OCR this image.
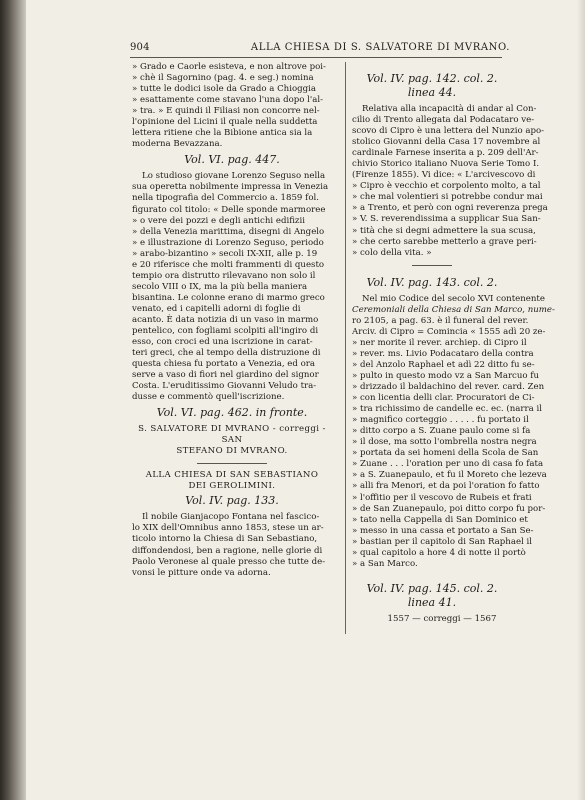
904	ALLA CHIESA DI S. SALVATORE DI MVRANO.
» Grado e Caorle esisteva, e non altrove poi-
» chè il Sagornino (pag. 4. e seg.) nomina
» tutte le dodici isole da Grado a Chioggia
» esattamente come stavano l'una dopo l'al-
» tra. » E quindi il Filiasi non concorre nel-
l'opinione del Licini il quale nella suddetta
lettera ritiene che la Bibione antica sia la
moderna Bevazzana.
Vol. VI. pag. 447.
Lo studioso giovane Lorenzo Seguso nella
sua operetta nobilmente impressa in Venezia
nella tipografia del Commercio a. 1859 fol.
figurato col titolo: « Delle sponde marmoree
» o vere dei pozzi e degli antichi edifizii
» della Venezia marittima, disegni di Angelo
» e illustrazione di Lorenzo Seguso, periodo
» arabo-bizantino » secoli IX-XII, alle p. 19
e 20 riferisce che molti frammenti di questo
tempio ora distrutto rilevavano non solo il
secolo VIII o IX, ma la più bella maniera
bisantina. Le colonne erano di marmo greco
venato, ed i capitelli adorni di foglie di
acanto. È data notizia di un vaso in marmo
pentelico, con fogliami scolpiti all'ingiro di
esso, con croci ed una iscrizione in carat-
teri greci, che al tempo della distruzione di
questa chiesa fu portato a Venezia, ed ora
serve a vaso di fiori nel giardino del signor
Costa. L'eruditissimo Giovanni Veludo tra-
dusse e commentò quell'iscrizione.
Vol. VI. pag. 462. in fronte.
S. SALVATORE DI MVRANO - correggi - SAN
STEFANO DI MVRANO.
ALLA CHIESA DI SAN SEBASTIANO
DEI GEROLIMINI.
Vol. IV. pag. 133.
Il nobile Gianjacopo Fontana nel fascico-
lo XIX dell'Omnibus anno 1853, stese un ar-
ticolo intorno la Chiesa di San Sebastiano,
diffondendosi, ben a ragione, nelle glorie di
Paolo Veronese al quale presso che tutte de-
vonsi le pitture onde va adorna.
Vol. IV. pag. 142. col. 2. linea 44.
Relativa alla incapacità di andar al Con-
cilio di Trento allegata dal Podacataro ve-
scovo di Cipro è una lettera del Nunzio apo-
stolico Giovanni della Casa 17 novembre al
cardinale Farnese inserita a p. 209 dell'Ar-
chivio Storico italiano Nuova Serie Tomo I.
(Firenze 1855). Vi dice: « L'arcivescovo di
» Cipro è vecchio et corpolento molto, a tal
» che mal volentieri si potrebbe condur mai
» a Trento, et però con ogni reverenza prega
» V. S. reverendissima a supplicar Sua San-
» tità che si degni admettere la sua scusa,
» che certo sarebbe metterlo a grave peri-
» colo della vita. »
Vol. IV. pag. 143. col. 2.
Nel mio Codice del secolo XVI contenente
Ceremoniali della Chiesa di San Marco, nume-
ro 2105, a pag. 63. è il funeral del rever.
Arciv. di Cipro = Comincia « 1555 adì 20 ze-
» ner morite il rever. archiep. di Cipro il
» rever. ms. Livio Podacataro della contra
» del Anzolo Raphael et adì 22 ditto fu se-
» pulto in questo modo vz a San Marcuo fu
» drizzado il baldachino del rever. card. Zen
» con licentia delli clar. Procuratori de Ci-
» tra richissimo de candelle ec. ec. (narra il
» magnifico corteggio . . . . . fu portato il
» ditto corpo a S. Zuane paulo come si fa
» il dose, ma sotto l'ombrella nostra negra
» portata da sei homeni della Scola de San
» Zuane . . . l'oration per uno di casa fo fata
» a S. Zuanepaulo, et fu il Moreto che lezeva
» alli fra Menori, et da poi l'oration fo fatto
» l'offitio per il vescovo de Rubeis et frati
» de San Zuanepaulo, poi ditto corpo fu por-
» tato nella Cappella di San Dominico et
» messo in una cassa et portato a San Se-
» bastian per il capitolo di San Raphael il
» qual capitolo a hore 4 di notte il portò
» a San Marco.
Vol. IV. pag. 145. col. 2. linea 41.
1557 — correggi — 1567
